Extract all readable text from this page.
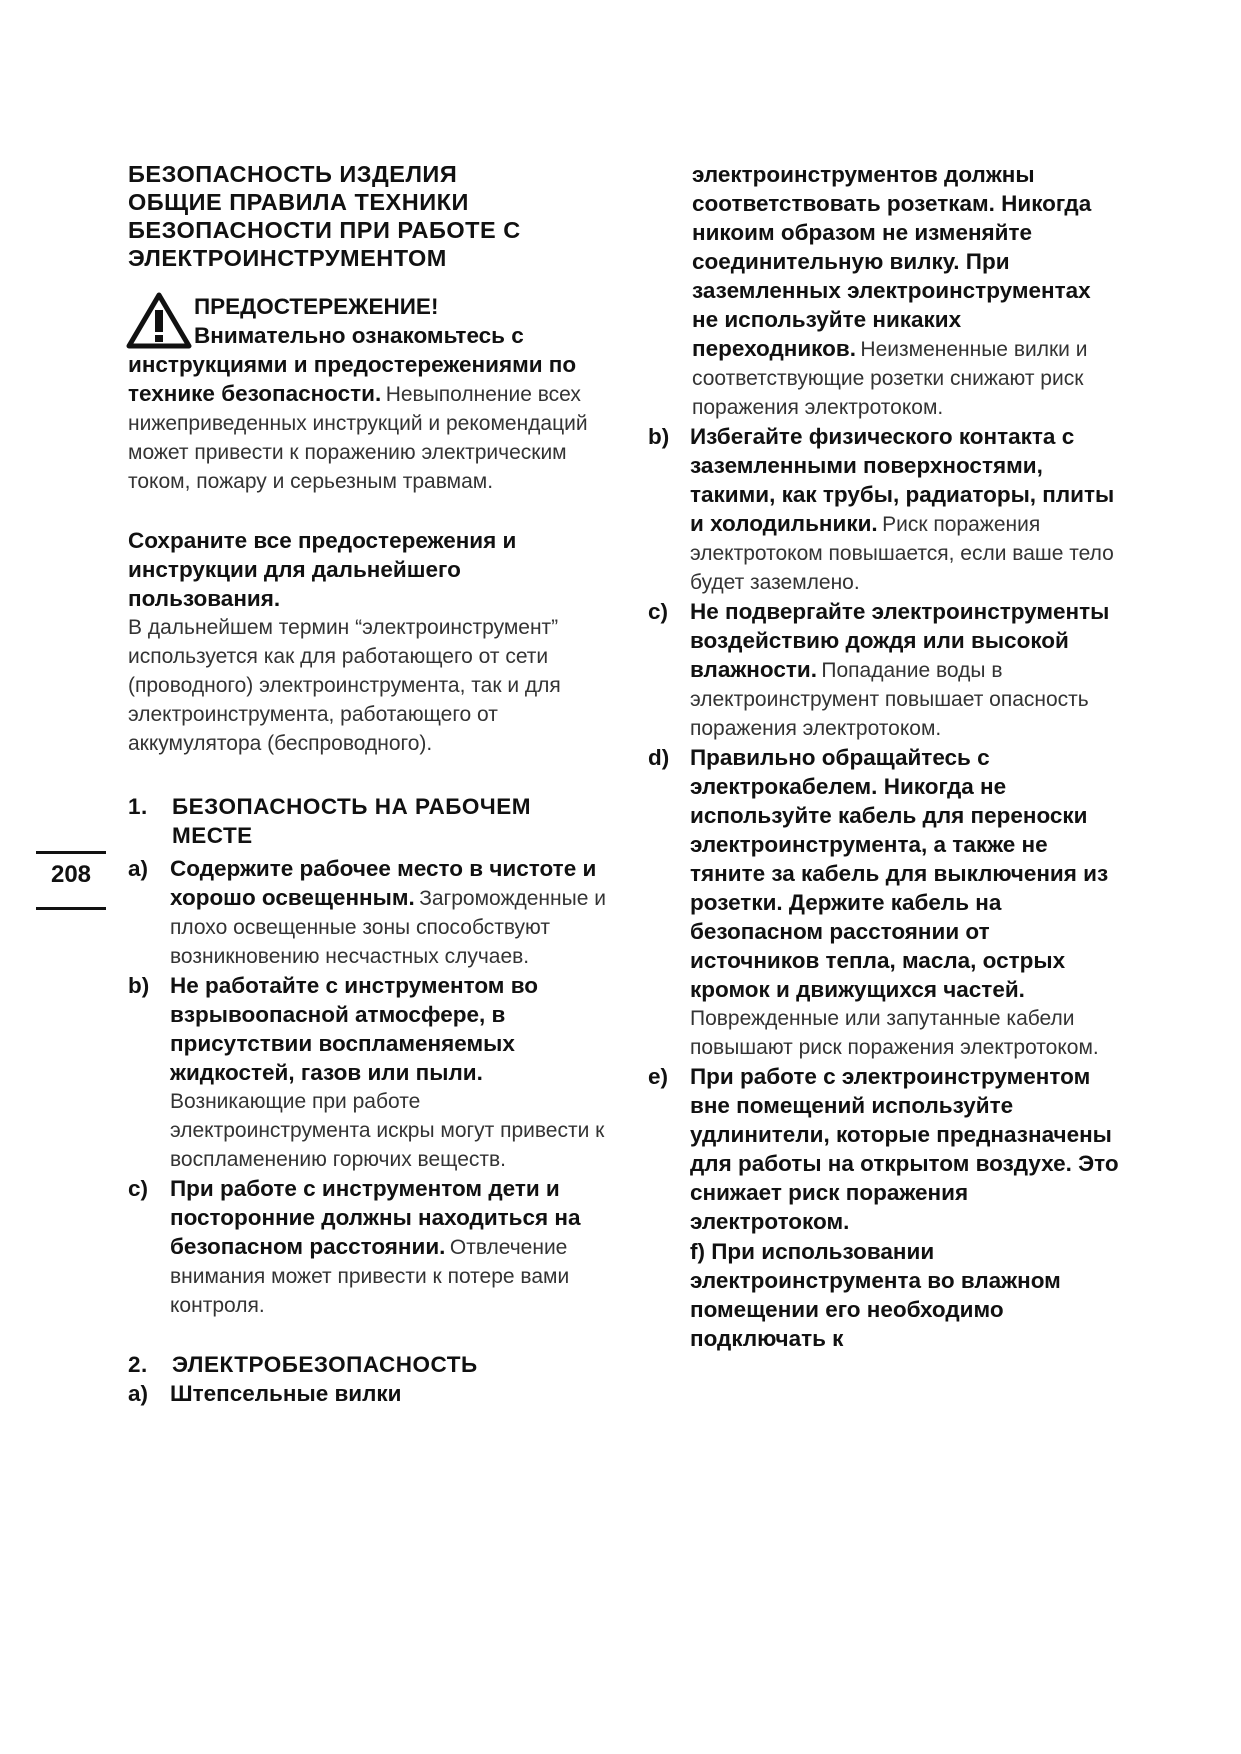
208
БЕЗОПАСНОСТЬ ИЗДЕЛИЯ
ОБЩИЕ ПРАВИЛА ТЕХНИКИ
БЕЗОПАСНОСТИ ПРИ РАБОТЕ С
ЭЛЕКТРОИНСТРУМЕНТОМ

ПРЕДОСТЕРЕЖЕНИЕ!
Внимательно ознакомьтесь с инструкциями и предостережениями по технике безопасности. Невыполнение всех нижеприведенных инструкций и рекомендаций может привести к поражению электрическим током, пожару и серьезным травмам.

Сохраните все предостережения и инструкции для дальнейшего пользования.
В дальнейшем термин “электроинструмент” используется как для работающего от сети (проводного) электроинструмента, так и для электроинструмента, работающего от аккумулятора (беспроводного).

1.	БЕЗОПАСНОСТЬ НА РАБОЧЕМ МЕСТЕ
a) Содержите рабочее место в чистоте и хорошо освещенным. Загроможденные и плохо освещенные зоны способствуют возникновению несчастных случаев.

b) Не работайте с инструментом во взрывоопасной атмосфере, в присутствии воспламеняемых жидкостей, газов или пыли. Возникающие при работе электроинструмента искры могут привести к воспламенению горючих веществ.

c) При работе с инструментом дети и посторонние должны находиться на безопасном расстоянии. Отвлечение внимания может привести к потере вами контроля.

2.	ЭЛЕКТРОБЕЗОПАСНОСТЬ
a) Штепсельные вилки

электроинструментов должны соответствовать розеткам. Никогда никоим образом не изменяйте соединительную вилку. При заземленных электроинструментах не используйте никаких переходников. Неизмененные вилки и соответствующие розетки снижают риск поражения электротоком.

b) Избегайте физического контакта с заземленными поверхностями, такими, как трубы, радиаторы, плиты и холодильники. Риск поражения электротоком повышается, если ваше тело будет заземлено.

c) Не подвергайте электроинструменты воздействию дождя или высокой влажности. Попадание воды в электроинструмент повышает опасность поражения электротоком.

d) Правильно обращайтесь с электрокабелем. Никогда не используйте кабель для переноски электроинструмента, а также не тяните за кабель для выключения из розетки. Держите кабель на безопасном расстоянии от источников тепла, масла, острых кромок и движущихся частей. Поврежденные или запутанные кабели повышают риск поражения электротоком.

e) При работе с электроинструментом вне помещений используйте удлинители, которые предназначены для работы на открытом воздухе. Это снижает риск поражения электротоком.

f) При использовании электроинструмента во влажном помещении его необходимо подключать к
